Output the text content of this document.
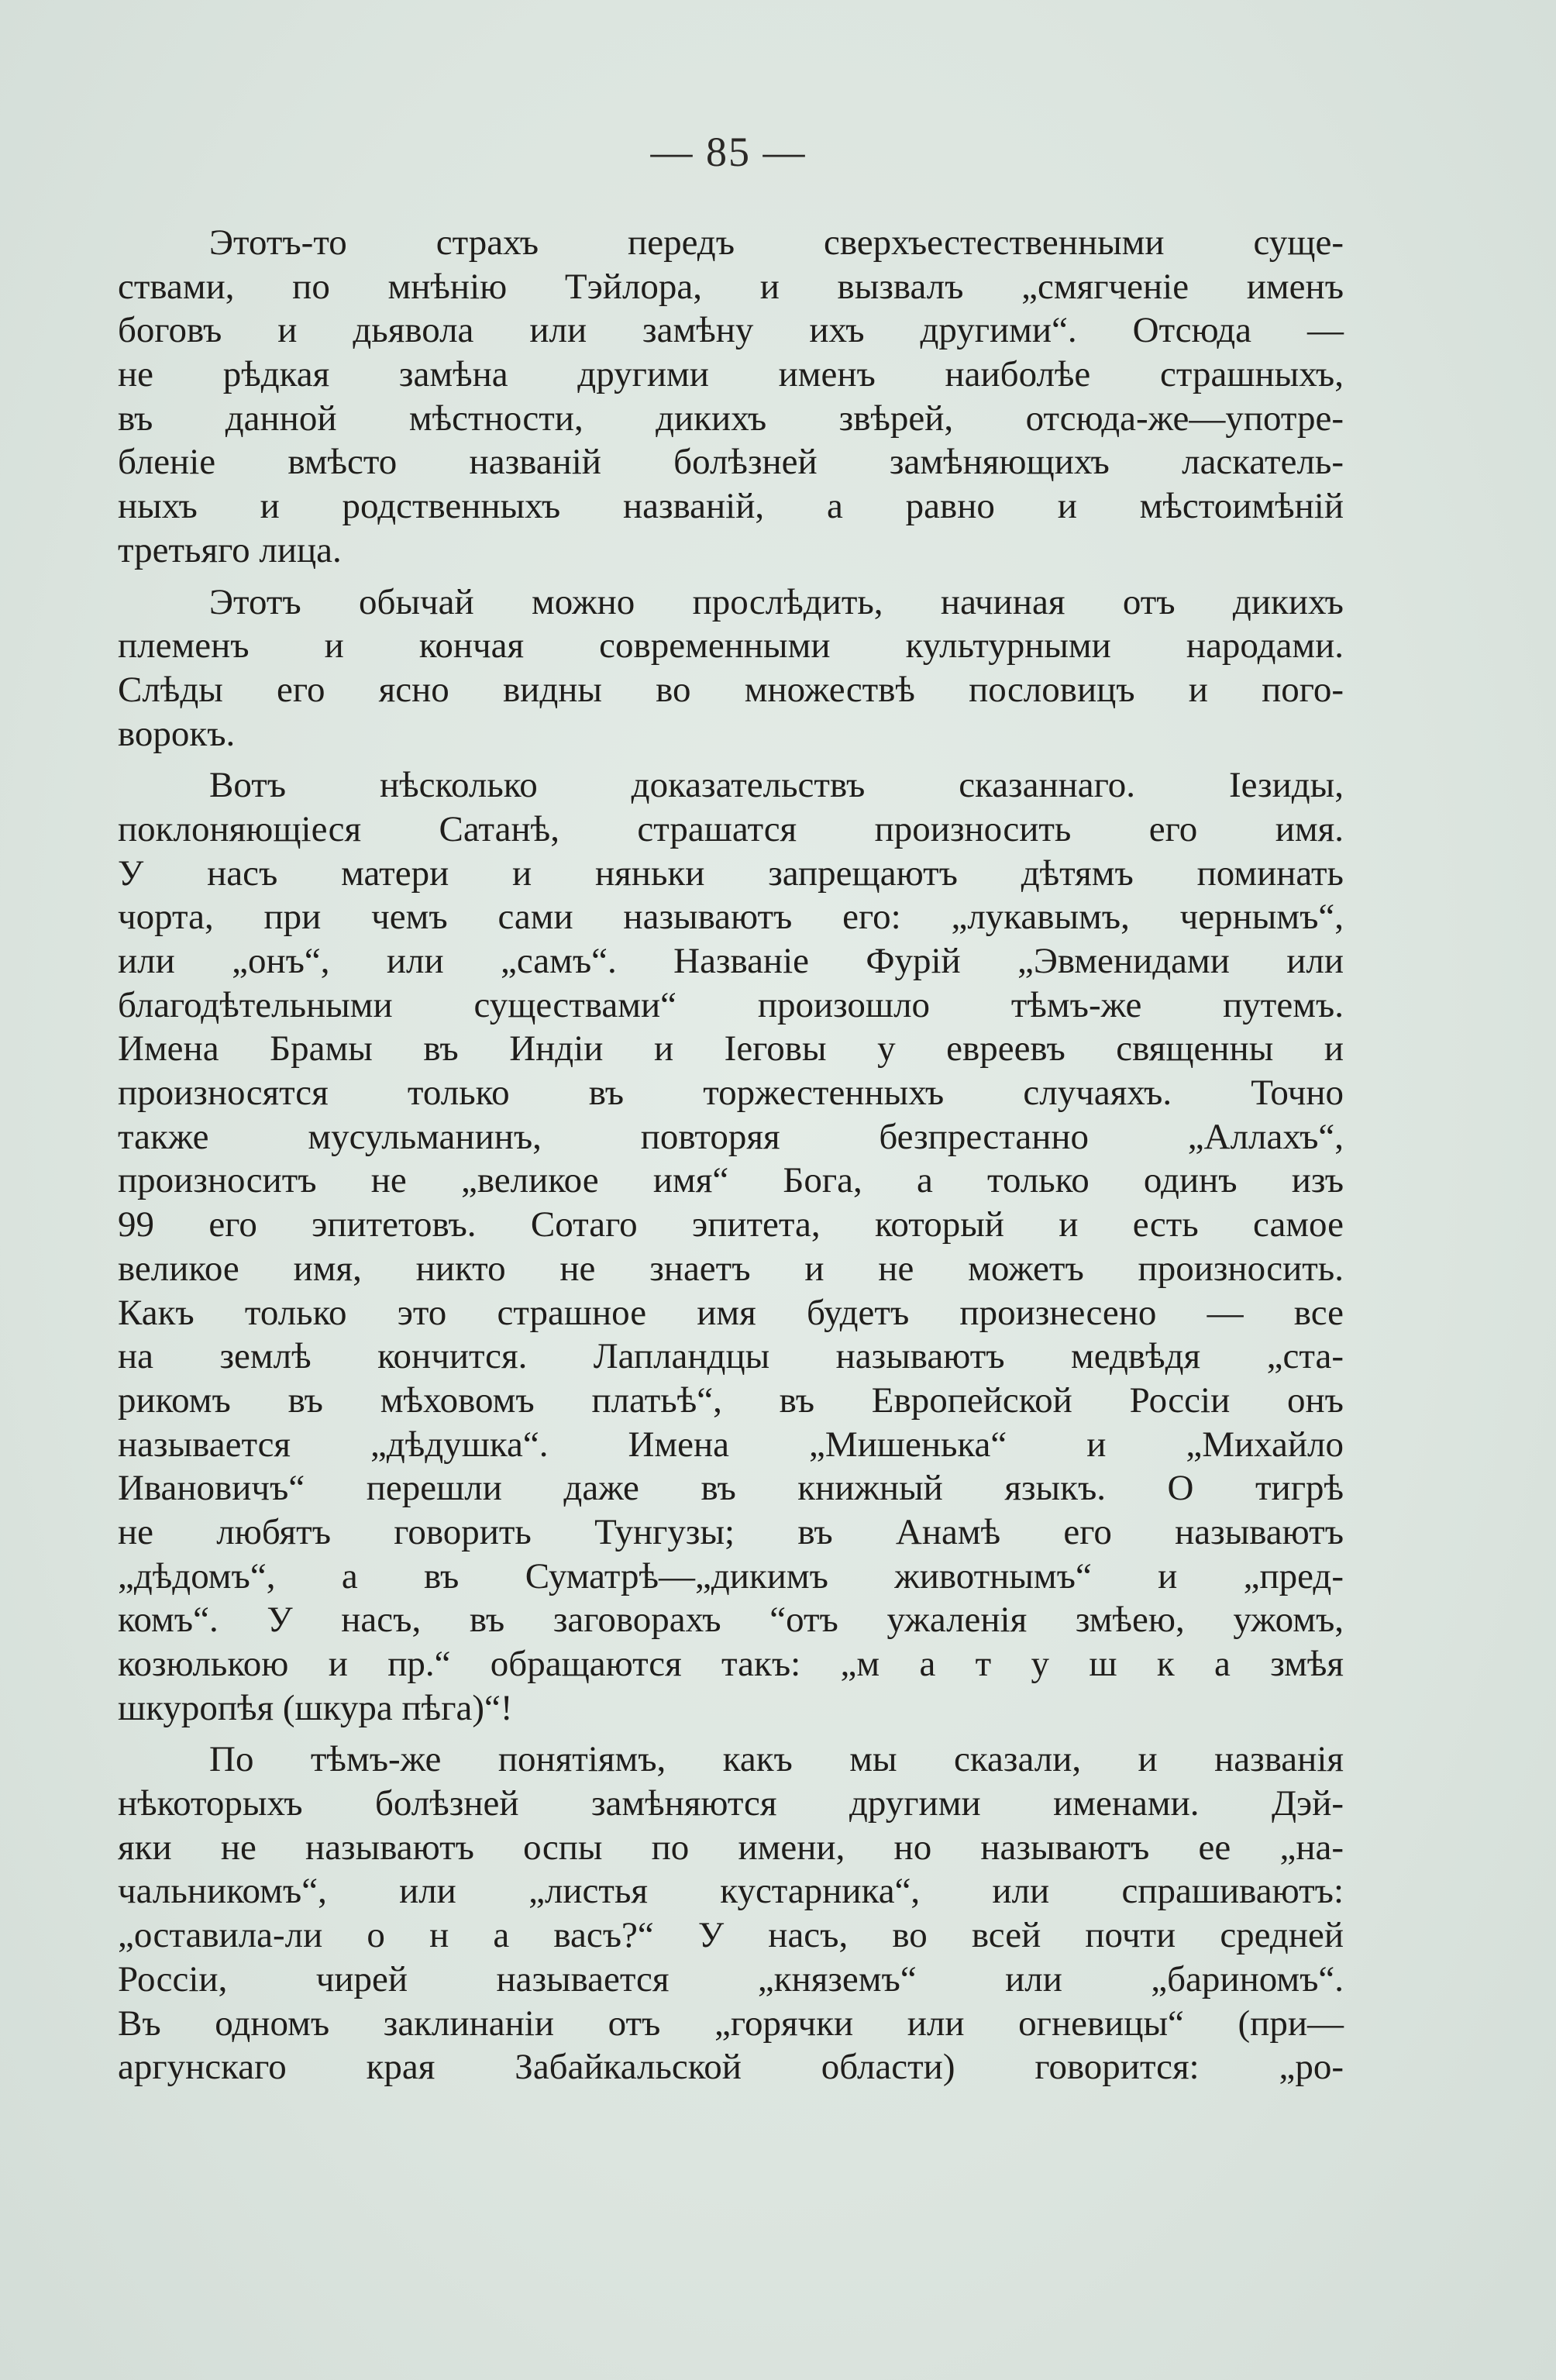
— 85 —
Этотъ-то страхъ передъ сверхъестественными суще-
ствами, по мнѣнію Тэйлора, и вызвалъ „смягченіе именъ
боговъ и дьявола или замѣну ихъ другими“. Отсюда —
не рѣдкая замѣна другими именъ наиболѣе страшныхъ,
въ данной мѣстности, дикихъ звѣрей, отсюда-же—употре-
бленіе вмѣсто названій болѣзней замѣняющихъ ласкатель-
ныхъ и родственныхъ названій, а равно и мѣстоимѣній
третьяго лица.
Этотъ обычай можно прослѣдить, начиная отъ дикихъ
племенъ и кончая современными культурными народами.
Слѣды его ясно видны во множествѣ пословицъ и пого-
ворокъ.
Вотъ нѣсколько доказательствъ сказаннаго. Іезиды,
поклоняющіеся Сатанѣ, страшатся произносить его имя.
У насъ матери и няньки запрещаютъ дѣтямъ поминать
чорта, при чемъ сами называютъ его: „лукавымъ, чернымъ“,
или „онъ“, или „самъ“. Названіе Фурій „Эвменидами или
благодѣтельными существами“ произошло тѣмъ-же путемъ.
Имена Брамы въ Индіи и Іеговы у евреевъ священны и
произносятся только въ торжестенныхъ случаяхъ. Точно
также мусульманинъ, повторяя безпрестанно „Аллахъ“,
произноситъ не „великое имя“ Бога, а только одинъ изъ
99 его эпитетовъ. Сотаго эпитета, который и есть самое
великое имя, никто не знаетъ и не можетъ произносить.
Какъ только это страшное имя будетъ произнесено — все
на землѣ кончится. Лапландцы называютъ медвѣдя „ста-
рикомъ въ мѣховомъ платьѣ“, въ Европейской Россіи онъ
называется „дѣдушка“. Имена „Мишенька“ и „Михайло
Ивановичъ“ перешли даже въ книжный языкъ. О тигрѣ
не любятъ говорить Тунгузы; въ Анамѣ его называютъ
„дѣдомъ“, а въ Суматрѣ—„дикимъ животнымъ“ и „пред-
комъ“. У насъ, въ заговорахъ “отъ ужаленія змѣею, ужомъ,
козюлькою и пр.“ обращаются такъ: „м а т у ш к а змѣя
шкуропѣя (шкура пѣга)“!
По тѣмъ-же понятіямъ, какъ мы сказали, и названія
нѣкоторыхъ болѣзней замѣняются другими именами. Дэй-
яки не называютъ оспы по имени, но называютъ ее „на-
чальникомъ“, или „листья кустарника“, или спрашиваютъ:
„оставила-ли о н а васъ?“ У насъ, во всей почти средней
Россіи, чирей называется „княземъ“ или „бариномъ“.
Въ одномъ заклинаніи отъ „горячки или огневицы“ (при—
аргунскаго края Забайкальской области) говорится: „ро-
